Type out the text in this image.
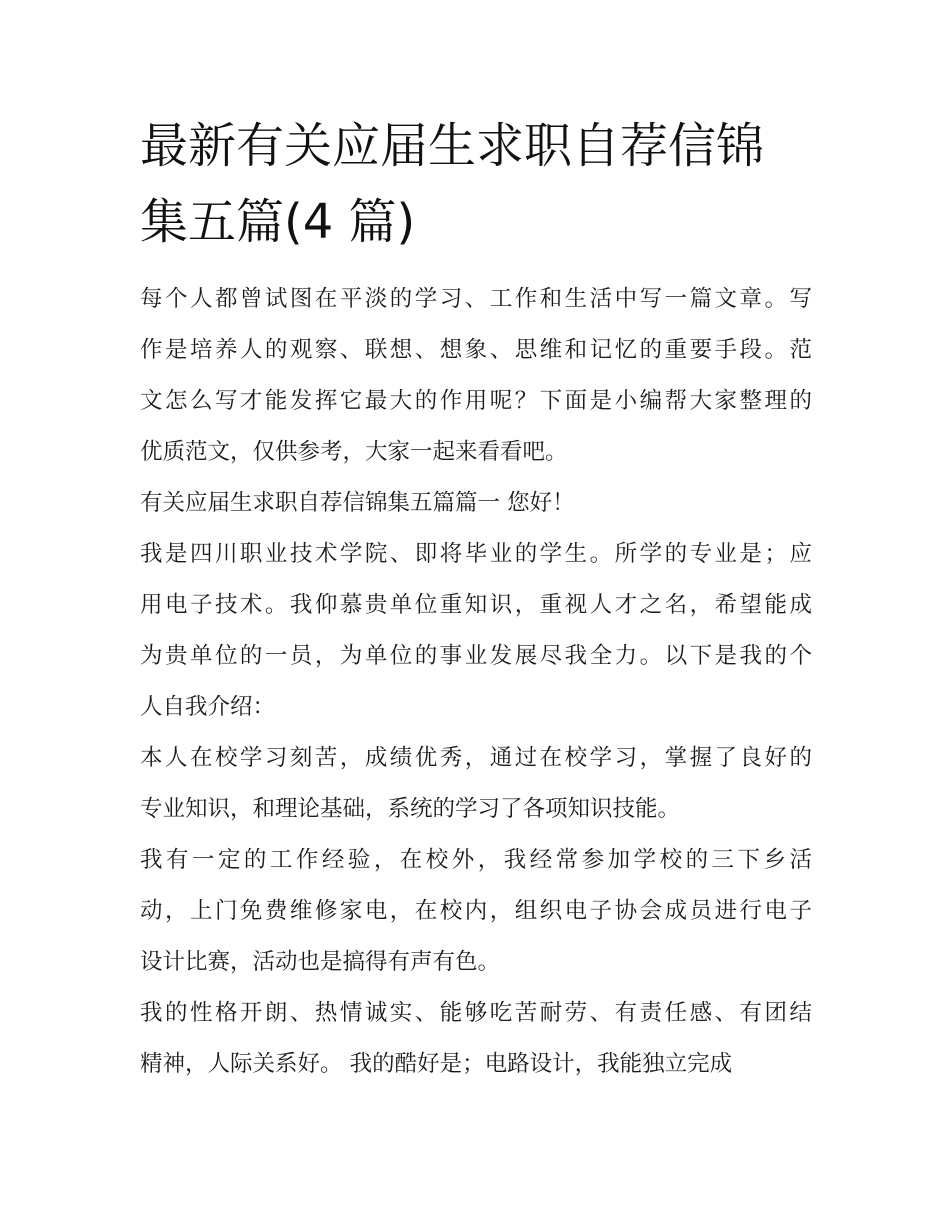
最新有关应届生求职自荐信锦
集五篇(4 篇)

每个人都曾试图在平淡的学习、工作和生活中写一篇文章。写
作是培养人的观察、联想、想象、思维和记忆的重要手段。范
文怎么写才能发挥它最大的作用呢？下面是小编帮大家整理的
优质范文，仅供参考，大家一起来看看吧。

有关应届生求职自荐信锦集五篇篇一 您好！

我是四川职业技术学院、即将毕业的学生。所学的专业是；应
用电子技术。我仰慕贵单位重知识，重视人才之名，希望能成
为贵单位的一员，为单位的事业发展尽我全力。以下是我的个
人自我介绍：

本人在校学习刻苦，成绩优秀，通过在校学习，掌握了良好的
专业知识，和理论基础，系统的学习了各项知识技能。

我有一定的工作经验，在校外，我经常参加学校的三下乡活
动，上门免费维修家电，在校内，组织电子协会成员进行电子
设计比赛，活动也是搞得有声有色。

我的性格开朗、热情诚实、能够吃苦耐劳、有责任感、有团结
精神，人际关系好。 我的酷好是；电路设计，我能独立完成
